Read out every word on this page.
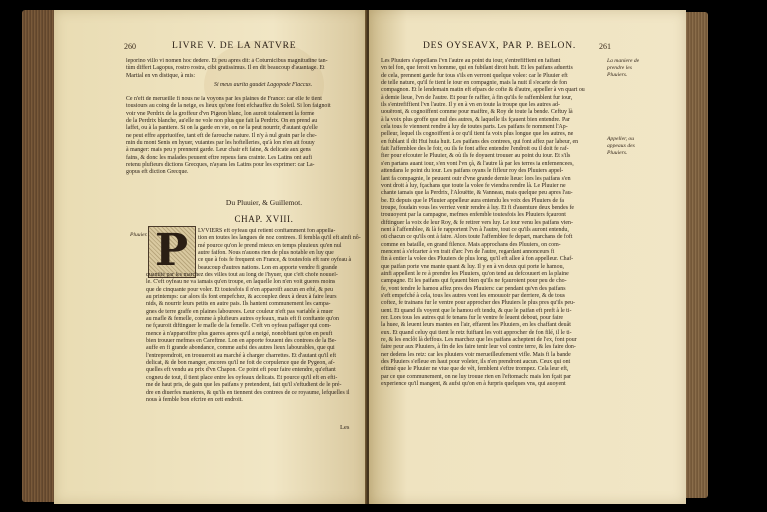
260	LIVRE V. DE LA NATVRE
leporino villo vi nomen hoc dedere. Et peu apres dit: à Coturnicibus magnitudine tan-
tùm differt Lagopus, rostro rostra, cibi gratissimus. Il en dit beaucoup d'auantage. Et
Martial en vn distique, à mis:
Si meus aurita gaudet Lagopode Flaccus.
Ce n'eft de merueille fi nous ne la voyons par les plaines de France: car elle fe tient
tousiours au coing de la neige, es lieux qu'one font efchauffez du Soleil. Si lon faignoit
voir vne Perdrix de la groffeur d'vn Pigeon blanc, lon auroit totalement la forme
de la Perdrix blanche, au'elle ne vole non plus que fait la Perdrix. On en prend au
laffet, ou à la pantiere. Si on la garde en vie, on ne la peut nourrir, d'autant qu'elle
ne peut effre appriuoifee, tant eft de farouche nature. Il n'y à nul grain par le che-
min du mont Senis en hyuer, vuiantes par les hoftelleries, qu'à lon n'en ait fouuy
à manger: mais peu y prennent garde. Leur chair eft faine, & delicate aux gens
fains, & donc les malades peuuent eftre repeus fans crainte. Les Latins ont aufi
retenu plufieurs dictions Grecques, n'ayans les Latins pour les exprimer: car La-
gopus eft diction Grecque.
Du Pluuier, & Guillemot.
CHAP. XVIII.
Pluuier. P LVVIERS eft oyfeau qui retient conftamment fon appella-
tion en toutes les langues de noz contrees. Il fembla qu'il eft ainfi nô-
mé pource qu'on le prend mieux en temps pluuieux qu'en nul
autre faifon. Nous n'auons rien de plus notable en luy que
ce que à fois fe frequent en France, & toutesfois eft rare oyfeau à
beaucoup d'autres nations. Lon en apporte vendre fi grande
quantité par les marchez des villes tout au long de l'hyuer, que c'eft chofe nouuel-
le. C'eft oyfeau ne va iamais qu'en troupe, en laquelle lon n'en voit gueres moins
que de cinquante pour voler. Et toutesfois il n'en apparoift aucun en efté, & peu
au printemps: car alors ils font empefchez, & accouplez deux à deux à faire leurs
nids, & nourrir leurs petits en autre pais. Ils hantent communement les campa-
gnes de terre graffe en plaines labourees. Leur couleur n'eft pas variable à muer
au mafle & femelle, comme à plufieurs autres oyfeaux, mais eft fi conftante qu'on
ne fçauroit diftinguer le mafle de la femelle. C'eft vn oyfeau paffager qui com-
mence à n'apparoiftre plus gueres apres qu'il a neigé, nonobftant qu'on en peuft
bien trouuer mefmes en Careftme. Lon en apporte fouuent des contrees de la Be-
auffe en fi grande abondance, comme aufsi des autres lieux labourables, que qui
l'entreprendroit, en trouueroit au marché à charger charrettes. Et d'autant qu'il eft
delicat, & de bon manger, encores qu'il ne foit de corpulence que de Pygeon, af-
quelles eft vendu au prix d'vn Chapon. Ce point eft pour faire entendre, qu'eftant
cogneu de tout, il tient place entre les oyfeaux delicats. Et pource qu'il eft en efti-
me de haut pris, de gain que les paifans y pretendent, fait qu'il s'eftudient de le pré-
dre en diuerfes manieres, & qu'ils en tiennent des contrees de ce royaume, lefquelles il
nous à femble bon efcrire en cett endroit.
Les
DES OYSEAVX, PAR P. BELON.	261
Les Pluuiers s'appellans l'vn l'autre au point du iour, s'entrefiffient en faifant
vn tel fon, que feroit vn homme, qui en fubilant diroit huit. Et les paifans aduertis
de cela, prennent garde fur tous s'ils en verront quelque volee: car le Pluuier eft
de telle nature, qu'il fe tient le iour en compagnie, mais la nuit il s'ecarte de fon
compagnon. Et le lendemain matin eft efpars de cofte & d'autre, appeller à vn quart ou
à demie lieue, l'vn de l'autre. Et pour fe raffier, à fin qu'ils fe raffemblent fur iour,
ils s'entrefiffient l'vn l'autre. Il y en à vn en toute la troupe que les autres ad-
uouëront, & cognoiffent comme pour maiftre, & Roy de toute la bende. Ceftuy là
à la voix plus groffe que nul des autres, & laquelle ils fçauent bien entendre. Par
cela tous fe viennent rendre à luy de toutes parts. Les paifans fe nomment l'Ap-
pelleur, lequel ils cognoiffent à ce qu'il tient fa voix plus longue que les autres, ne
en fublant il dit Hui huia huit. Les paifans des contrees, qui font affez par labeur, en
fait l'affemblee des le foir, ou ils fe font affez entendre l'endroit ou il doit fe raf-
fier pour efcouter le Pluuier, & où ils fe doyuent trouuer au point du iour. Et s'ils
s'en partans auant iour, s'en vont l'vn çà, & l'autre là par les terres ia enfemencees,
attendans le point du iour. Les paifans oyans le fifleur roy des Pluuiers appel-
lant fa compagnie, le peuuent ouir d'vne grande demie lieue: lors les paifans s'en
vont droit à luy, fçachans que toute la volee fe viendra rendre là. Le Pluuier ne
chante iamais que la Perdrix, l'Alouëtte, & Vanneau, mais quelque peu apres l'au-
be. Et depuis que le Pluuier appelleur aura entendu les voix des Pluuiers de fa
troupe, foudain vous les verriez venir rendre à luy. Et fi d'auenture deux bendes fe
trouuoyent par la campagne, mefmes enfemble toutesfois les Pluuiers fçauront
diftinguer la voix de leur Roy, & fe retirer vers luy. Le iour venu les paifans vien-
nent à l'affemblee, & là fe rapportent l'vn à l'autre, tout ce qu'ils auront entendu,
oü chacun ce qu'ils ont à faire. Alors toute l'affemblee fe depart, marchans de foft
comme en bataille, en grand filence. Mais approchans des Pluuiers, on com-
mencent à s'efcarter à vn trait d'arc l'vn de l'autre, regardant annonceurs fi
fin à entier la volee des Pluuiers de plus long, qu'il eft allee à fon appelleur. Chaf-
que paifan porte vne mante quant & luy. Il y en à vn deux qui porte le hamou,
ainfi appellent le re à prendre les Pluuiers, qu'on tend au defcouuert en la plaine
campagne. Et les paifans qui fçauent bien qu'ils ne fçauroient pour peu de cho-
fe, vont tendre le hamou affez pres des Pluuiers: car pendant qu'vn des paifans
s'eft empefché à cela, tous les autres vont les emouuoir par derriere, & de tous
coftez, fe trainans fur le ventre pour approcher des Pluuiers le plus pres qu'ils peu-
uent. Et quand ils voyent que le hamou eft tendu, & que le paifan eft preft à le ti-
rer. Lors tous les autres qui fe tenans fur le ventre fe leuent debout, pour faire
la huee, & leuent leurs mantes en l'air, effarent les Pluuiers, en les chaffant deuât
eux. Et quand celuy qui tient le retz fuiftant les voit approcher de fon filé, il le ti-
re, & les enclôt là deffous. Les marchez que les paifans acheptent de l'ex, font pour
faire peur aux Pluuiers, à fin de les faire tenir leur vol contre terre, & les faire don-
ner dedens les retz: car les pluuiers voir merueilleufement vifle. Mais fi la bande
des Pluuiers s'efleue en haut pour voleter, ils n'en prendront aucun. Ceux qui ont
eftimé que le Pluuier ne viue que de vẽt, femblent s'eftre trompez. Cela leur eft,
par ce que communement, on ne luy trouue rien en l'eftomach: mais lon fçait par
experience qu'il mangent, & aufsi qu'on en à furpris quelques vns, qui auoyent
La maniere de prendre les Pluuiers.
Appeller, ou appeaux des Pluuiers.
